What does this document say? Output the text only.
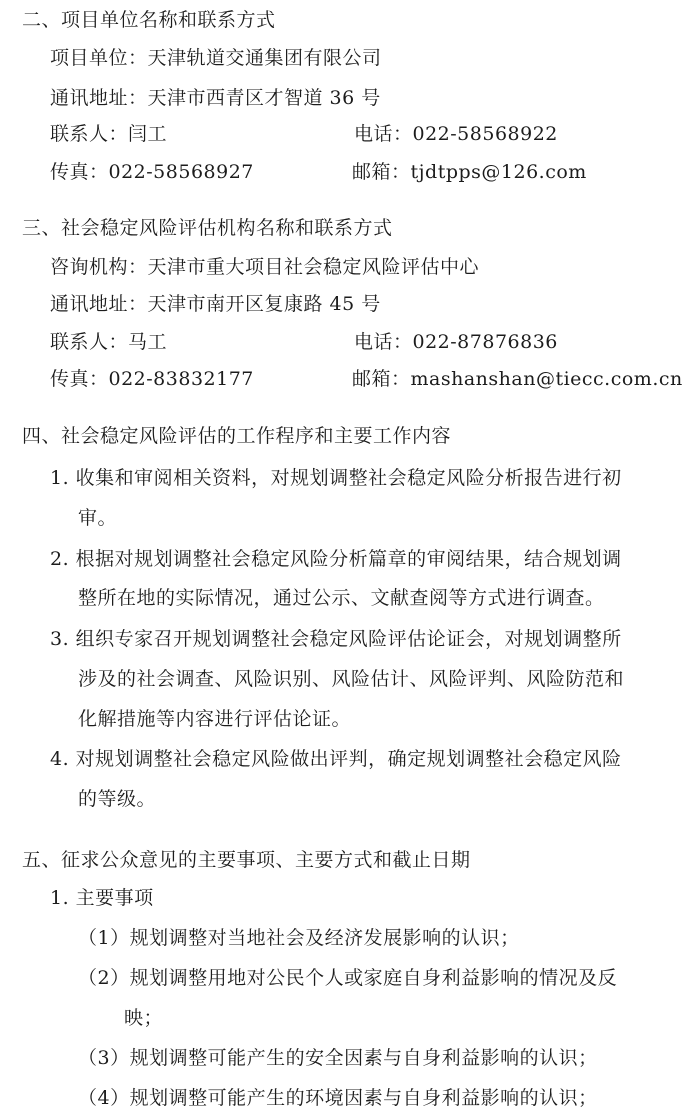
二、项目单位名称和联系方式
项目单位：天津轨道交通集团有限公司
通讯地址：天津市西青区才智道 36 号
联系人：闫工	电话：022-58568922
传真：022-58568927	邮箱：tjdtpps@126.com
三、社会稳定风险评估机构名称和联系方式
咨询机构：天津市重大项目社会稳定风险评估中心
通讯地址：天津市南开区复康路 45 号
联系人：马工	电话：022-87876836
传真：022-83832177	邮箱：mashanshan@tiecc.com.cn
四、社会稳定风险评估的工作程序和主要工作内容
1. 收集和审阅相关资料，对规划调整社会稳定风险分析报告进行初
审。
2. 根据对规划调整社会稳定风险分析篇章的审阅结果，结合规划调
整所在地的实际情况，通过公示、文献查阅等方式进行调查。
3. 组织专家召开规划调整社会稳定风险评估论证会，对规划调整所
涉及的社会调查、风险识别、风险估计、风险评判、风险防范和
化解措施等内容进行评估论证。
4. 对规划调整社会稳定风险做出评判，确定规划调整社会稳定风险
的等级。
五、征求公众意见的主要事项、主要方式和截止日期
1. 主要事项
（1）规划调整对当地社会及经济发展影响的认识；
（2）规划调整用地对公民个人或家庭自身利益影响的情况及反
映；
（3）规划调整可能产生的安全因素与自身利益影响的认识；
（4）规划调整可能产生的环境因素与自身利益影响的认识；
